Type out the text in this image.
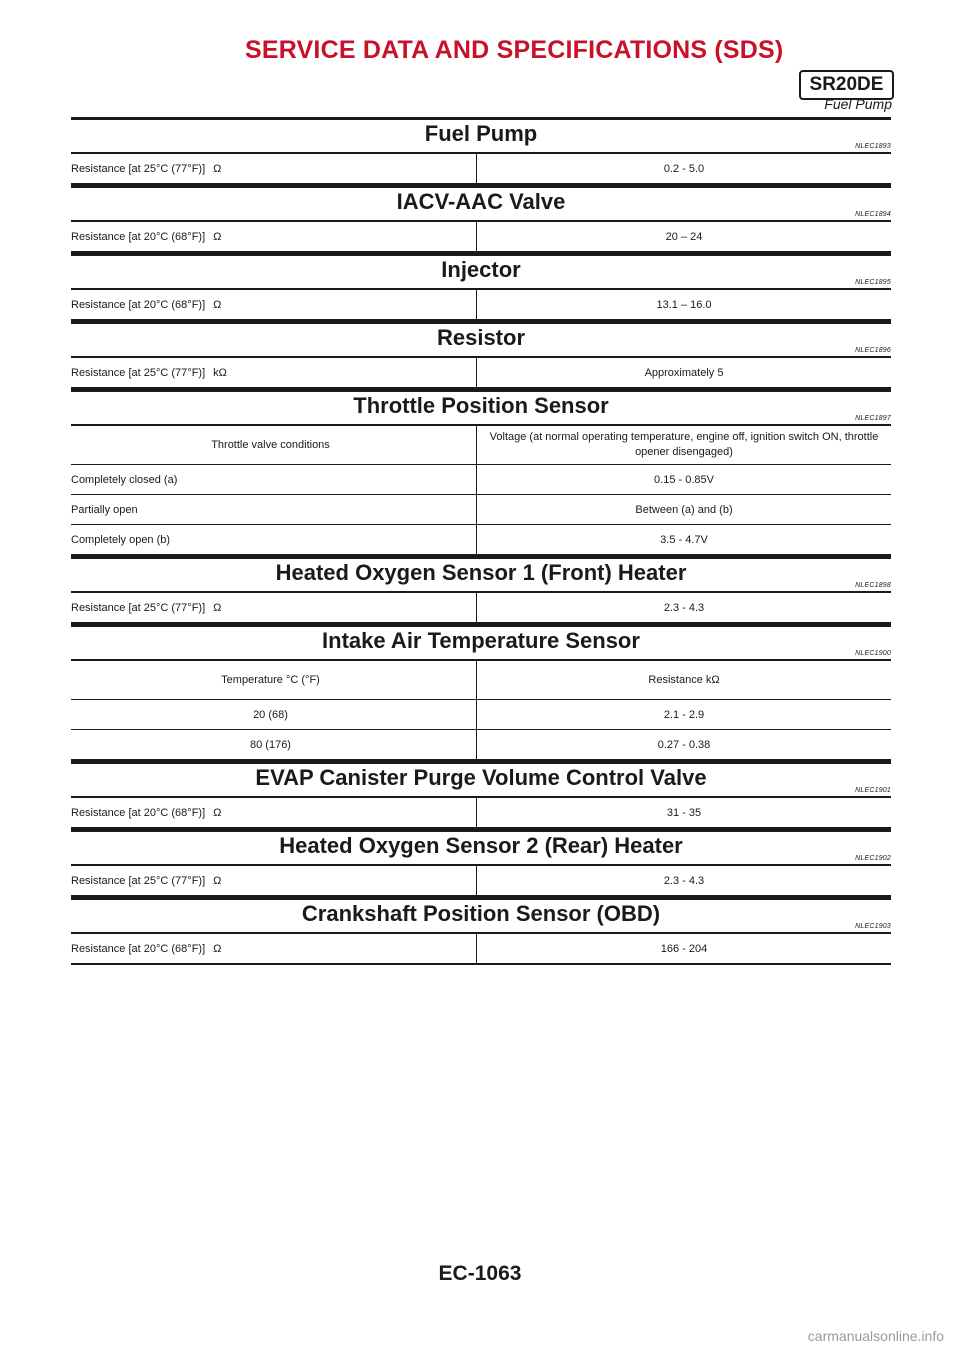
SERVICE DATA AND SPECIFICATIONS (SDS)
SR20DE
Fuel Pump
Fuel Pump
NLEC1893
Resistance [at 25°C (77°F)] Ω	0.2 - 5.0
IACV-AAC Valve
NLEC1894
Resistance [at 20°C (68°F)] Ω	20 – 24
Injector
NLEC1895
Resistance [at 20°C (68°F)] Ω	13.1 – 16.0
Resistor
NLEC1896
Resistance [at 25°C (77°F)] kΩ	Approximately 5
Throttle Position Sensor
NLEC1897
Throttle valve conditions	Voltage (at normal operating temperature, engine off, ignition switch ON, throttle opener disengaged)
Completely closed (a)	0.15 - 0.85V
Partially open	Between (a) and (b)
Completely open (b)	3.5 - 4.7V
Heated Oxygen Sensor 1 (Front) Heater
NLEC1898
Resistance [at 25°C (77°F)] Ω	2.3 - 4.3
Intake Air Temperature Sensor
NLEC1900
Temperature °C (°F)	Resistance kΩ
20 (68)	2.1 - 2.9
80 (176)	0.27 - 0.38
EVAP Canister Purge Volume Control Valve
NLEC1901
Resistance [at 20°C (68°F)] Ω	31 - 35
Heated Oxygen Sensor 2 (Rear) Heater
NLEC1902
Resistance [at 25°C (77°F)] Ω	2.3 - 4.3
Crankshaft Position Sensor (OBD)
NLEC1903
Resistance [at 20°C (68°F)] Ω	166 - 204
EC-1063
carmanualsonline.info
